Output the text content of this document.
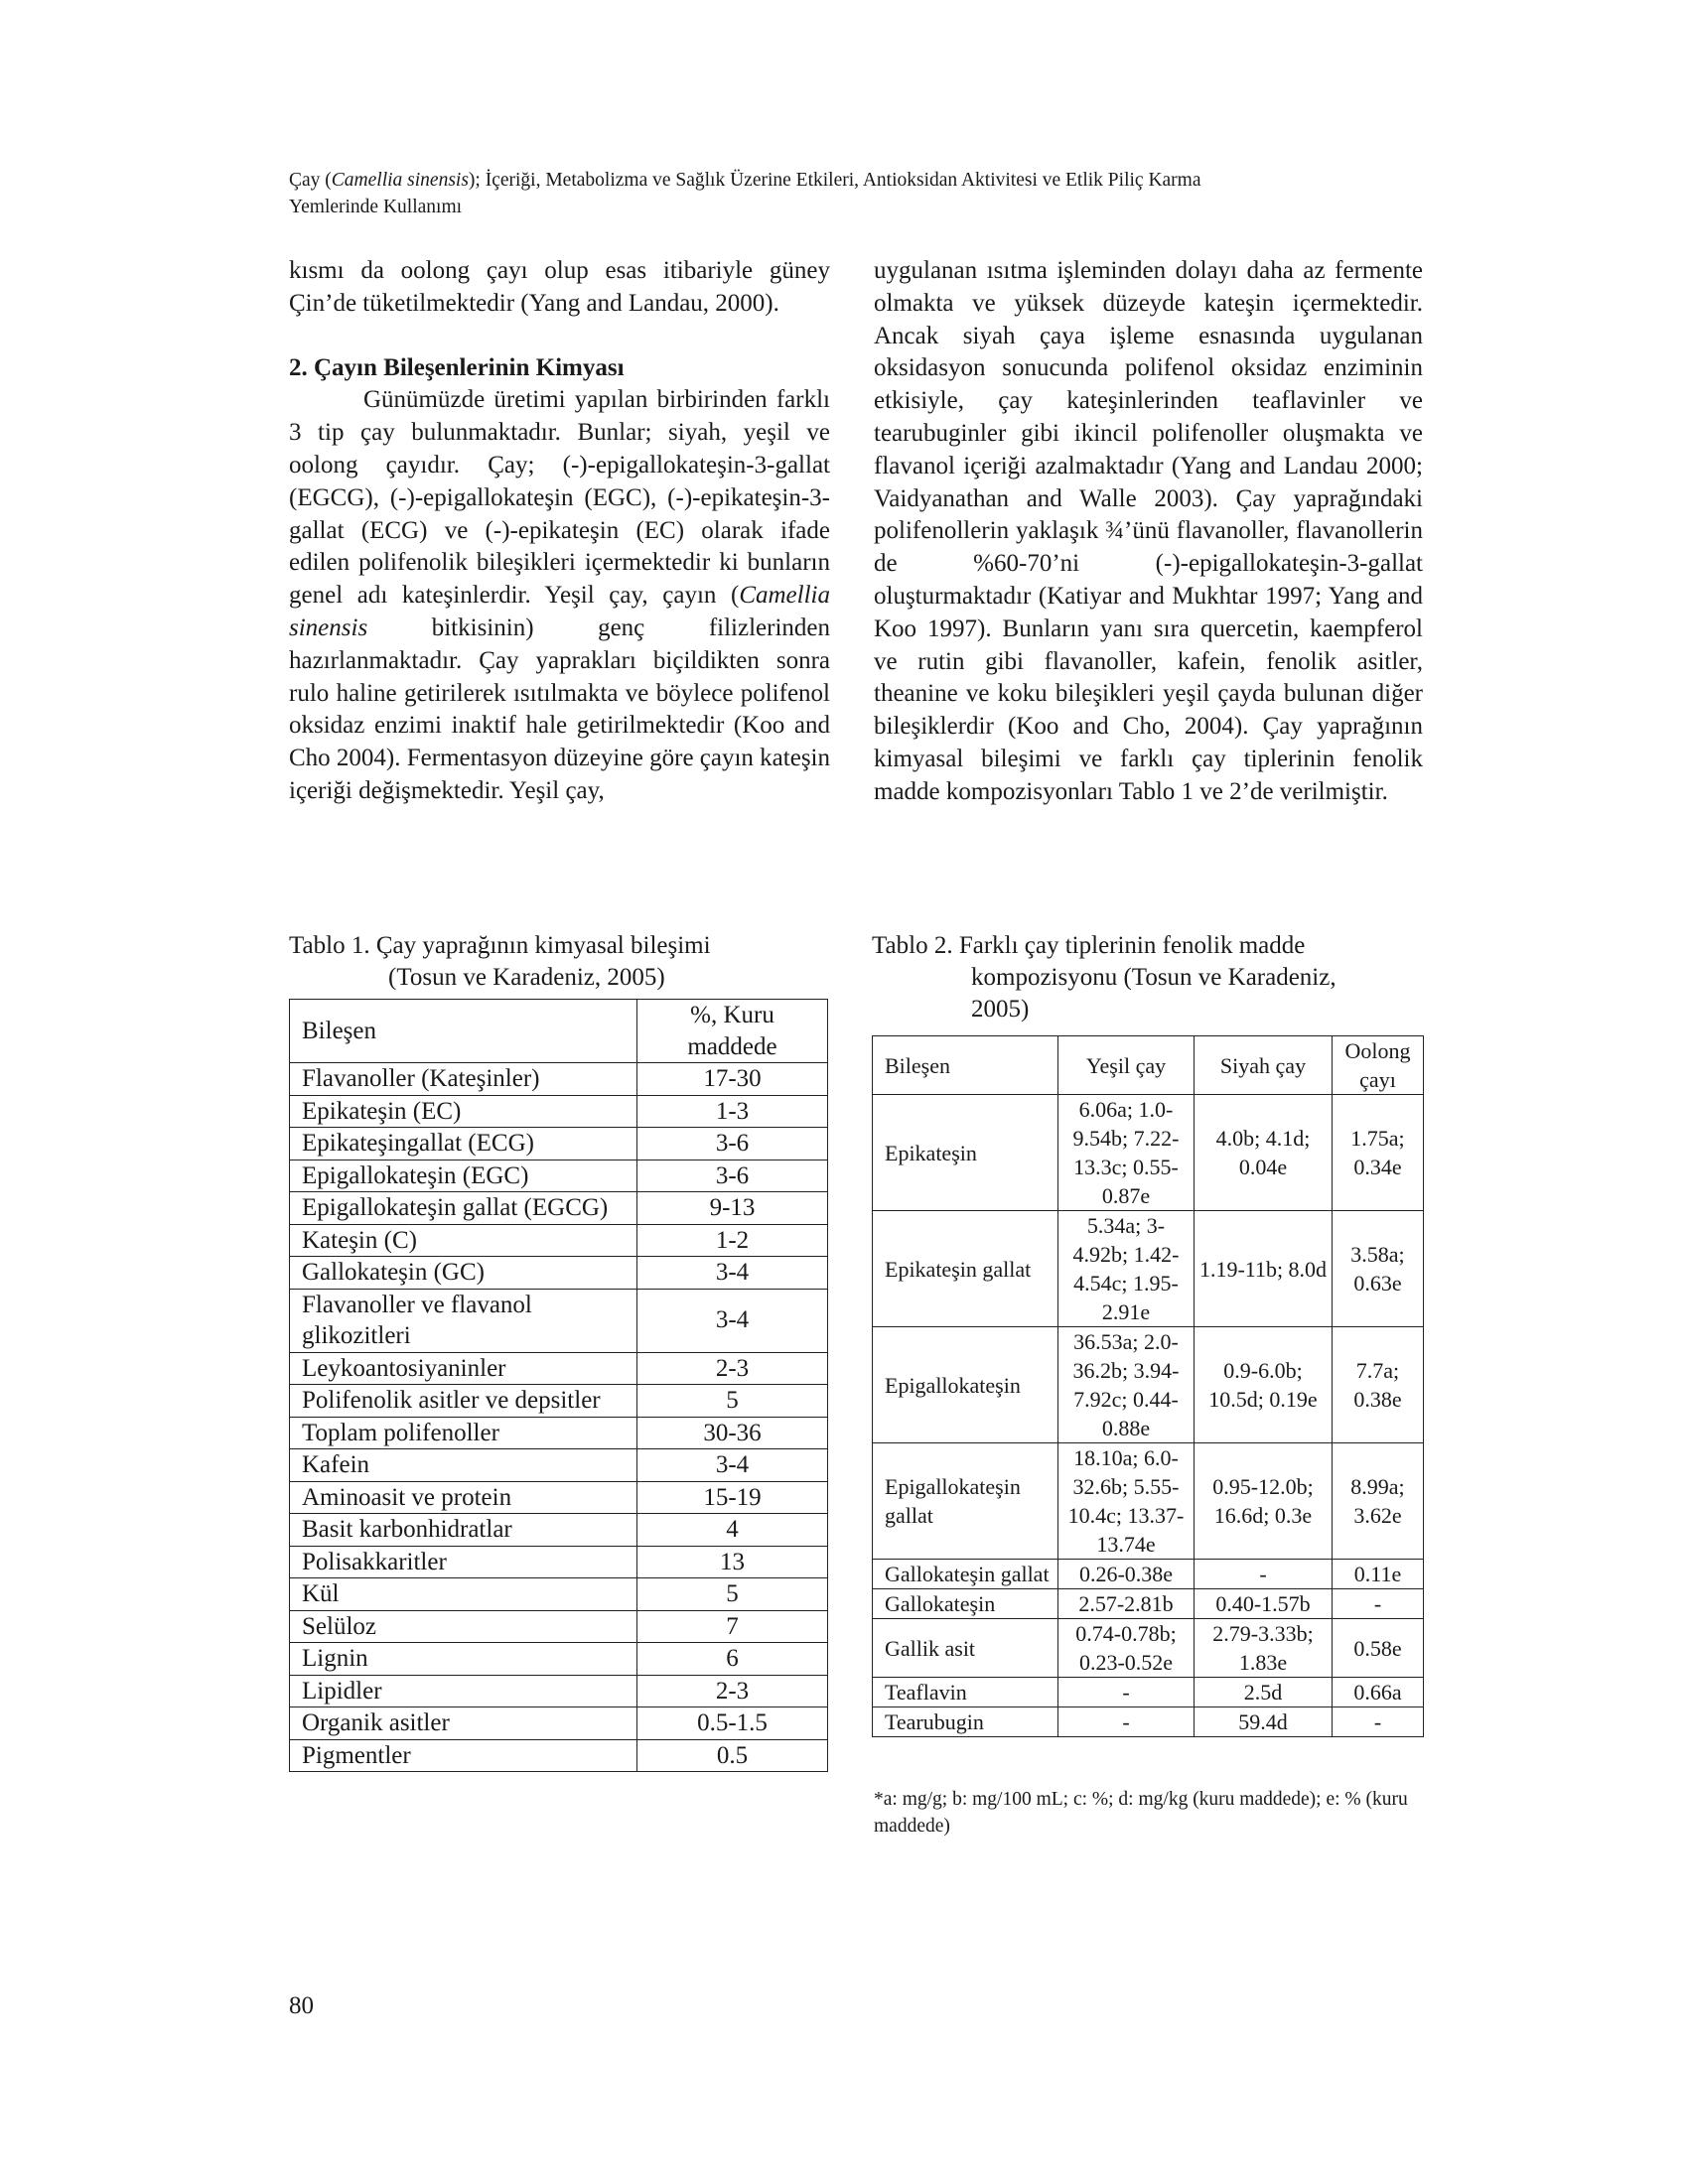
Çay (Camellia sinensis); İçeriği, Metabolizma ve Sağlık Üzerine Etkileri, Antioksidan Aktivitesi ve Etlik Piliç Karma
Yemlerinde Kullanımı

kısmı da oolong çayı olup esas itibariyle güney Çin’de tüketilmektedir (Yang and Landau, 2000).

2. Çayın Bileşenlerinin Kimyası

Günümüzde üretimi yapılan birbirinden farklı 3 tip çay bulunmaktadır. Bunlar; siyah, yeşil ve oolong çayıdır. Çay; (-)-epigallokateşin-3-gallat (EGCG), (-)-epigallokateşin (EGC), (-)-epikateşin-3-gallat (ECG) ve (-)-epikateşin (EC) olarak ifade edilen polifenolik bileşikleri içermektedir ki bunların genel adı kateşinlerdir. Yeşil çay, çayın (Camellia sinensis bitkisinin) genç filizlerinden hazırlanmaktadır. Çay yaprakları biçildikten sonra rulo haline getirilerek ısıtılmakta ve böylece polifenol oksidaz enzimi inaktif hale getirilmektedir (Koo and Cho 2004). Fermentasyon düzeyine göre çayın kateşin içeriği değişmektedir. Yeşil çay,

uygulanan ısıtma işleminden dolayı daha az fermente olmakta ve yüksek düzeyde kateşin içermektedir. Ancak siyah çaya işleme esnasında uygulanan oksidasyon sonucunda polifenol oksidaz enziminin etkisiyle, çay kateşinlerinden teaflavinler ve tearubuginler gibi ikincil polifenoller oluşmakta ve flavanol içeriği azalmaktadır (Yang and Landau 2000; Vaidyanathan and Walle 2003). Çay yaprağındaki polifenollerin yaklaşık ¾’ünü flavanoller, flavanollerin de %60-70’ni (-)-epigallokateşin-3-gallat oluşturmaktadır (Katiyar and Mukhtar 1997; Yang and Koo 1997). Bunların yanı sıra quercetin, kaempferol ve rutin gibi flavanoller, kafein, fenolik asitler, theanine ve koku bileşikleri yeşil çayda bulunan diğer bileşiklerdir (Koo and Cho, 2004). Çay yaprağının kimyasal bileşimi ve farklı çay tiplerinin fenolik madde kompozisyonları Tablo 1 ve 2’de verilmiştir.

Tablo 1. Çay yaprağının kimyasal bileşimi
(Tosun ve Karadeniz, 2005)
Bileşen	%, Kuru maddede
Flavanoller (Kateşinler)	17-30
Epikateşin (EC)	1-3
Epikateşingallat (ECG)	3-6
Epigallokateşin (EGC)	3-6
Epigallokateşin gallat (EGCG)	9-13
Kateşin (C)	1-2
Gallokateşin (GC)	3-4
Flavanoller ve flavanol glikozitleri	3-4
Leykoantosiyaninler	2-3
Polifenolik asitler ve depsitler	5
Toplam polifenoller	30-36
Kafein	3-4
Aminoasit ve protein	15-19
Basit karbonhidratlar	4
Polisakkaritler	13
Kül	5
Selüloz	7
Lignin	6
Lipidler	2-3
Organik asitler	0.5-1.5
Pigmentler	0.5
Tablo 2. Farklı çay tiplerinin fenolik madde
kompozisyonu (Tosun ve Karadeniz,
2005)
Bileşen	Yeşil çay	Siyah çay	Oolong çayı
Epikateşin	6.06a; 1.0-9.54b; 7.22-13.3c; 0.55-0.87e	4.0b; 4.1d; 0.04e	1.75a; 0.34e
Epikateşin gallat	5.34a; 3-4.92b; 1.42-4.54c; 1.95-2.91e	1.19-11b; 8.0d	3.58a; 0.63e
Epigallokateşin	36.53a; 2.0-36.2b; 3.94-7.92c; 0.44-0.88e	0.9-6.0b; 10.5d; 0.19e	7.7a; 0.38e
Epigallokateşin gallat	18.10a; 6.0-32.6b; 5.55-10.4c; 13.37-13.74e	0.95-12.0b; 16.6d; 0.3e	8.99a; 3.62e
Gallokateşin gallat	0.26-0.38e	-	0.11e
Gallokateşin	2.57-2.81b	0.40-1.57b	-
Gallik asit	0.74-0.78b; 0.23-0.52e	2.79-3.33b; 1.83e	0.58e
Teaflavin	-	2.5d	0.66a
Tearubugin	-	59.4d	-
*a: mg/g; b: mg/100 mL; c: %; d: mg/kg (kuru maddede); e: % (kuru maddede)
80
